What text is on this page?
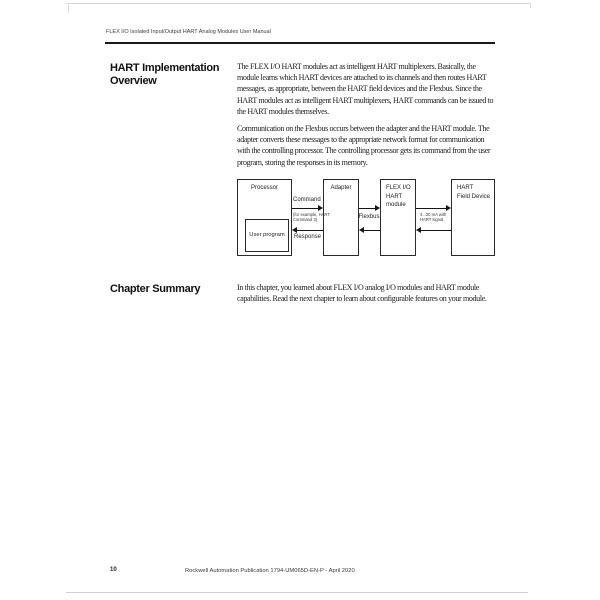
FLEX I/O Isolated Input/Output HART Analog Modules User Manual
HART Implementation Overview

The FLEX I/O HART modules act as intelligent HART multiplexers. Basically, the module learns which HART devices are attached to its channels and then routes HART messages, as appropriate, between the HART field devices and the Flexbus. Since the HART modules act as intelligent HART multiplexers, HART commands can be issued to the HART modules themselves.

Communication on the Flexbus occurs between the adapter and the HART module. The adapter converts these messages to the appropriate network format for communication with the controlling processor. The controlling processor gets its command from the user program, storing the responses in its memory.

Processor
User program
Adapter	FLEX I/O
HART
module
HART
Field Device
Command
(for example, HART
Command 3)
Response
Flexbus	4...20 mA with
HART signal
Chapter Summary	In this chapter, you learned about FLEX I/O analog I/O modules and HART module capabilities. Read the next chapter to learn about configurable features on your module.

10	Rockwell Automation Publication 1794-UM065D-EN-P - April 2020
